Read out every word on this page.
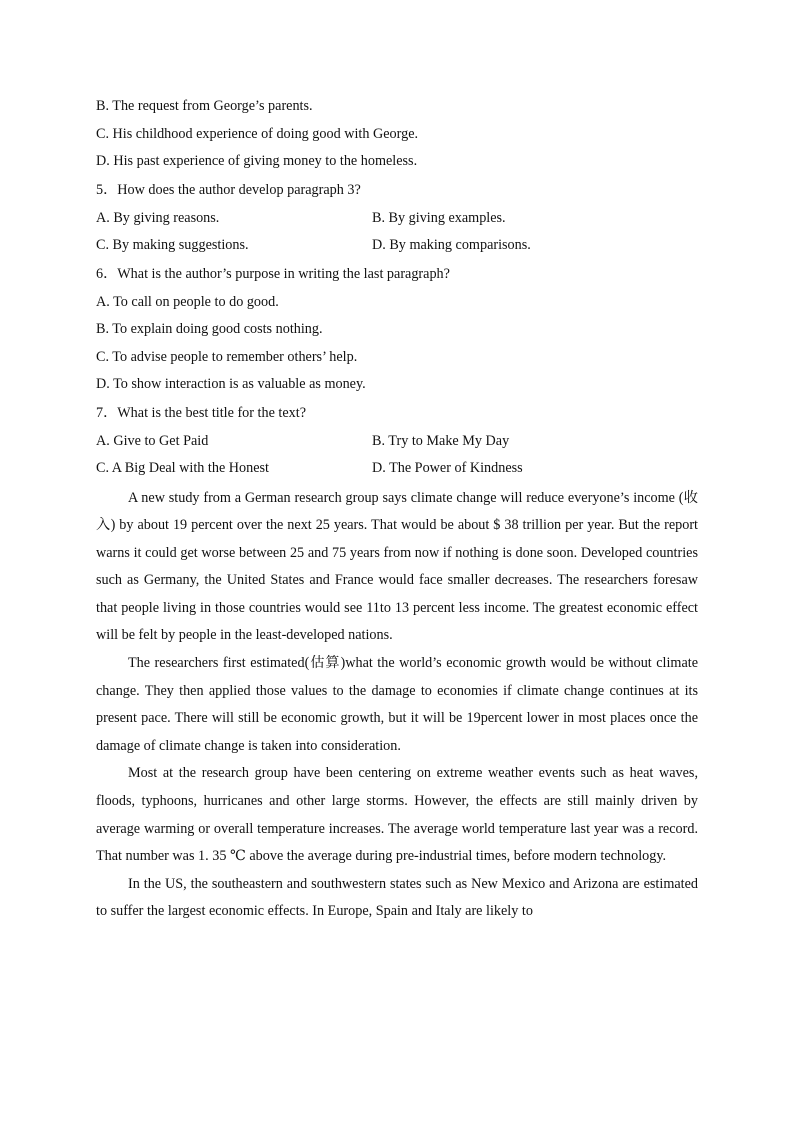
B. The request from George’s parents.
C. His childhood experience of doing good with George.
D. His past experience of giving money to the homeless.
5．How does the author develop paragraph 3?
A. By giving reasons.	B. By giving examples.
C. By making suggestions.	D. By making comparisons.
6．What is the author’s purpose in writing the last paragraph?
A. To call on people to do good.
B. To explain doing good costs nothing.
C. To advise people to remember others’ help.
D. To show interaction is as valuable as money.
7．What is the best title for the text?
A. Give to Get Paid	B. Try to Make My Day
C. A Big Deal with the Honest	D. The Power of Kindness

A new study from a German research group says climate change will reduce everyone’s income (收入) by about 19 percent over the next 25 years. That would be about $ 38 trillion per year. But the report warns it could get worse between 25 and 75 years from now if nothing is done soon. Developed countries such as Germany, the United States and France would face smaller decreases. The researchers foresaw that people living in those countries would see 11to 13 percent less income. The greatest economic effect will be felt by people in the least-developed nations.

The researchers first estimated(估算)what the world’s economic growth would be without climate change. They then applied those values to the damage to economies if climate change continues at its present pace. There will still be economic growth, but it will be 19percent lower in most places once the damage of climate change is taken into consideration.

Most at the research group have been centering on extreme weather events such as heat waves, floods, typhoons, hurricanes and other large storms. However, the effects are still mainly driven by average warming or overall temperature increases. The average world temperature last year was a record. That number was 1. 35 ℃ above the average during pre-industrial times, before modern technology.

In the US, the southeastern and southwestern states such as New Mexico and Arizona are estimated to suffer the largest economic effects. In Europe, Spain and Italy are likely to
